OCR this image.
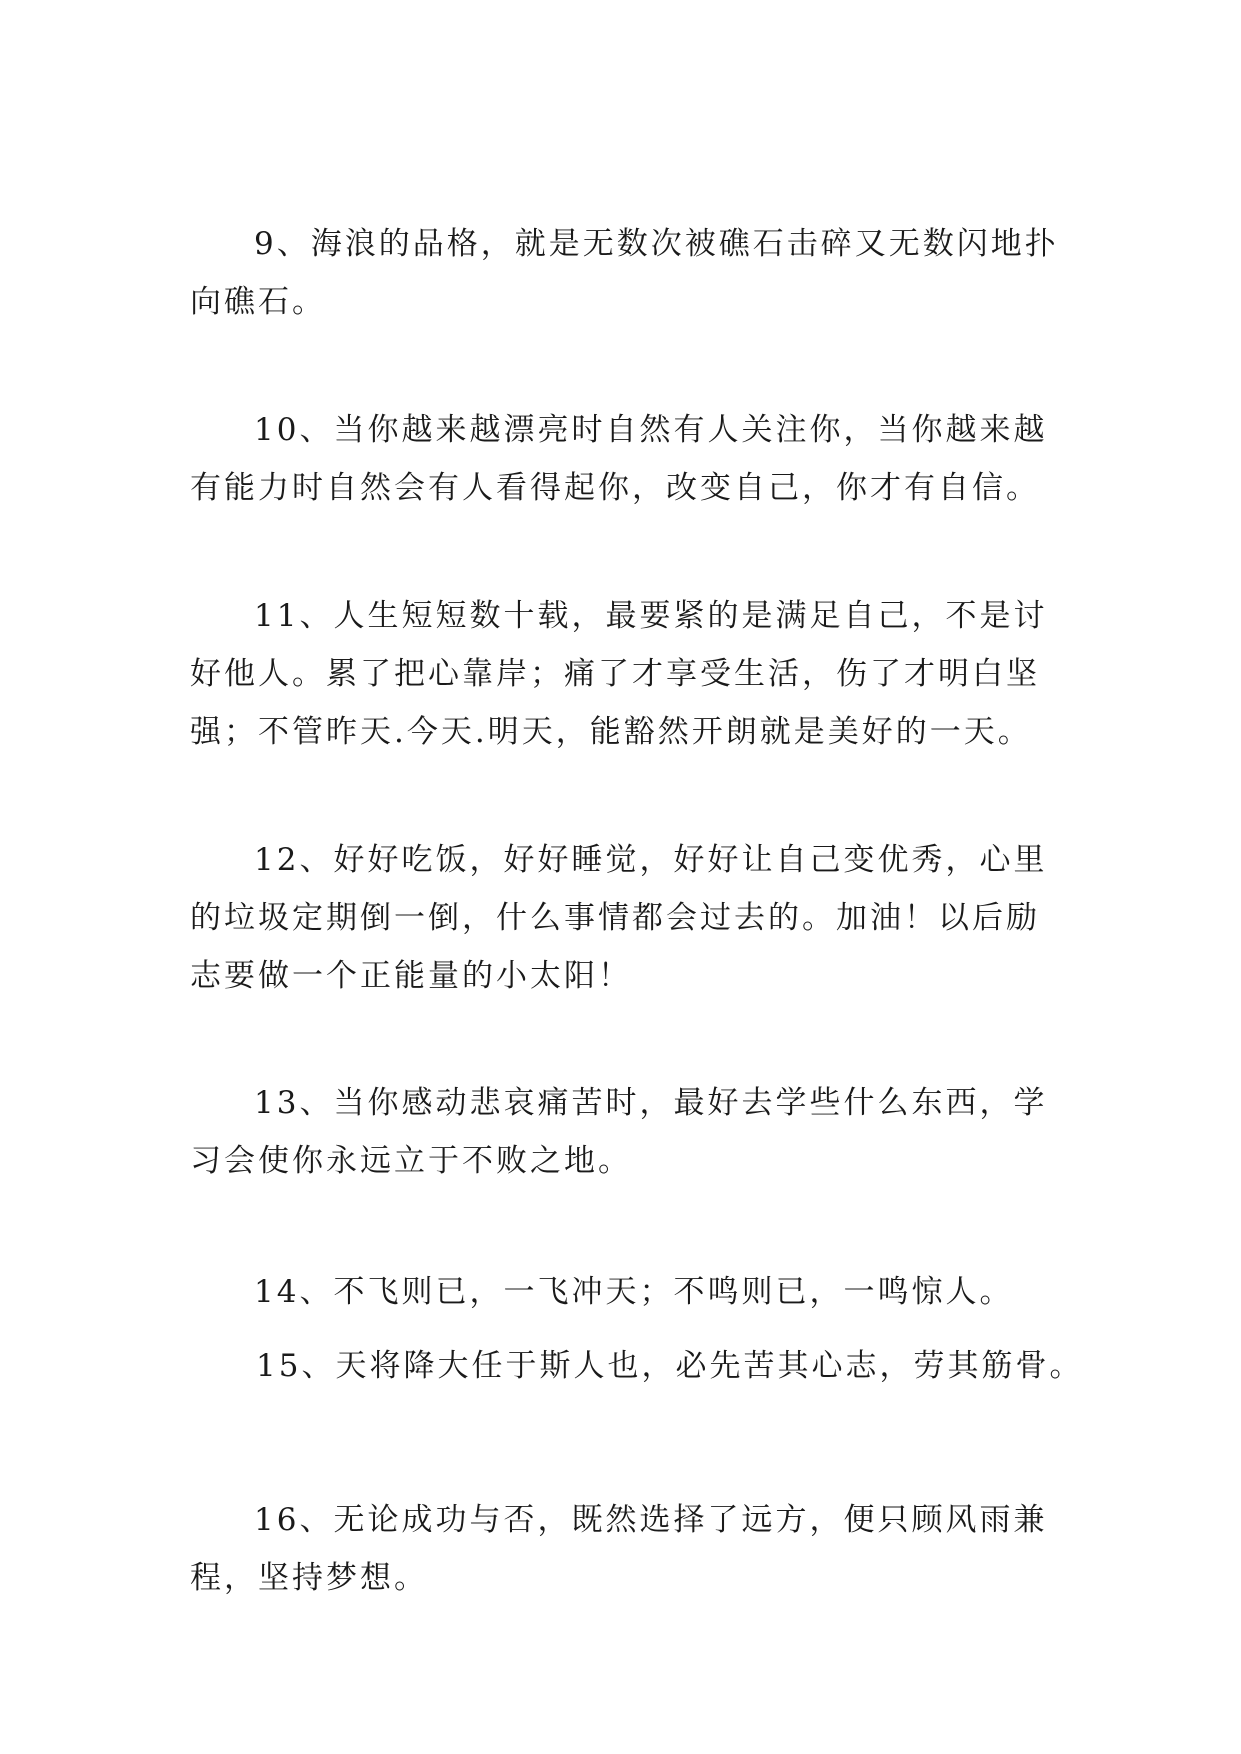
9、海浪的品格，就是无数次被礁石击碎又无数闪地扑向礁石。

10、当你越来越漂亮时自然有人关注你，当你越来越有能力时自然会有人看得起你，改变自己，你才有自信。

11、人生短短数十载，最要紧的是满足自己，不是讨好他人。累了把心靠岸；痛了才享受生活，伤了才明白坚强；不管昨天.今天.明天，能豁然开朗就是美好的一天。

12、好好吃饭，好好睡觉，好好让自己变优秀，心里的垃圾定期倒一倒，什么事情都会过去的。加油！以后励志要做一个正能量的小太阳！

13、当你感动悲哀痛苦时，最好去学些什么东西，学习会使你永远立于不败之地。

14、不飞则已，一飞冲天；不鸣则已，一鸣惊人。

15、天将降大任于斯人也，必先苦其心志，劳其筋骨。

16、无论成功与否，既然选择了远方，便只顾风雨兼程，坚持梦想。
